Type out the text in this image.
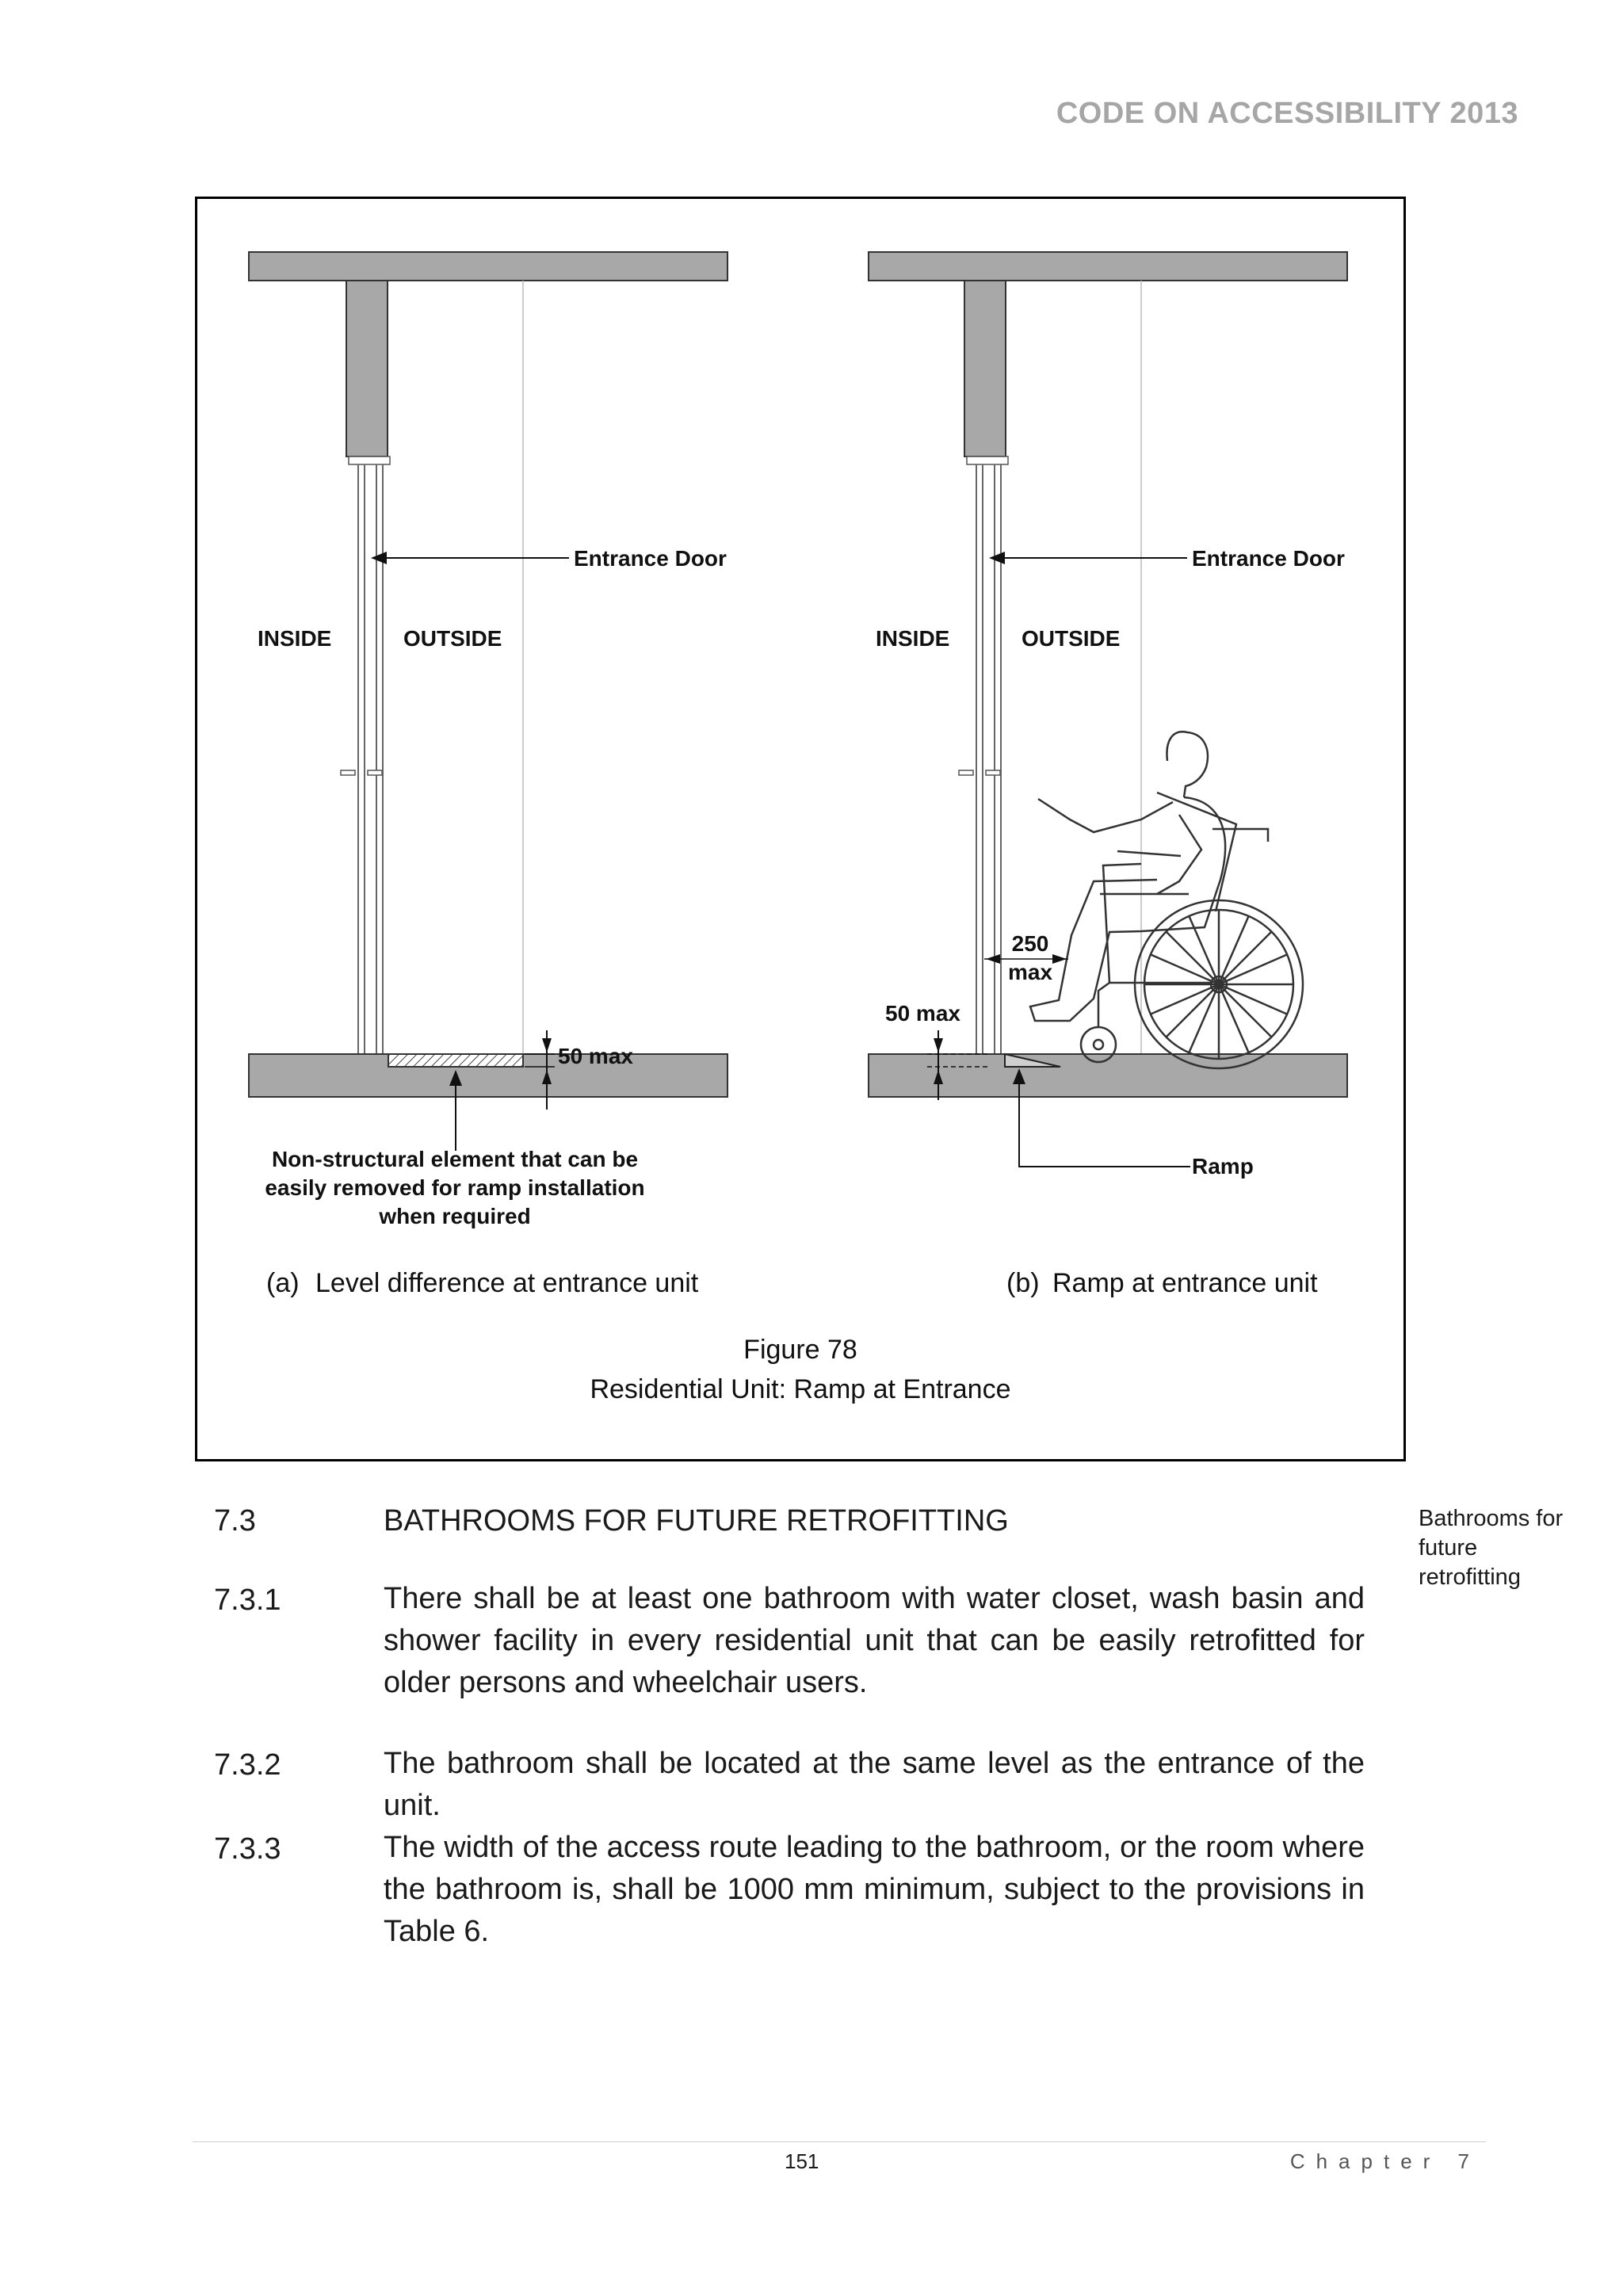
CODE ON ACCESSIBILITY 2013
Entrance Door
INSIDE	OUTSIDE
50 max
Non-structural element that can be
easily removed for ramp installation
when required
Entrance Door
INSIDE	OUTSIDE
250
max
50 max
Ramp
(a) Level difference at entrance unit	(b) Ramp at entrance unit
Figure 78
Residential Unit: Ramp at Entrance
7.3	BATHROOMS FOR FUTURE RETROFITTING	Bathrooms for
future
retrofitting
7.3.1	There shall be at least one bathroom with water closet, wash basin and shower facility in every residential unit that can be easily retrofitted for older persons and wheelchair users.
7.3.2	The bathroom shall be located at the same level as the entrance of the unit.
7.3.3	The width of the access route leading to the bathroom, or the room where the bathroom is, shall be 1000 mm minimum, subject to the provisions in Table 6.
151	Chapter 7
